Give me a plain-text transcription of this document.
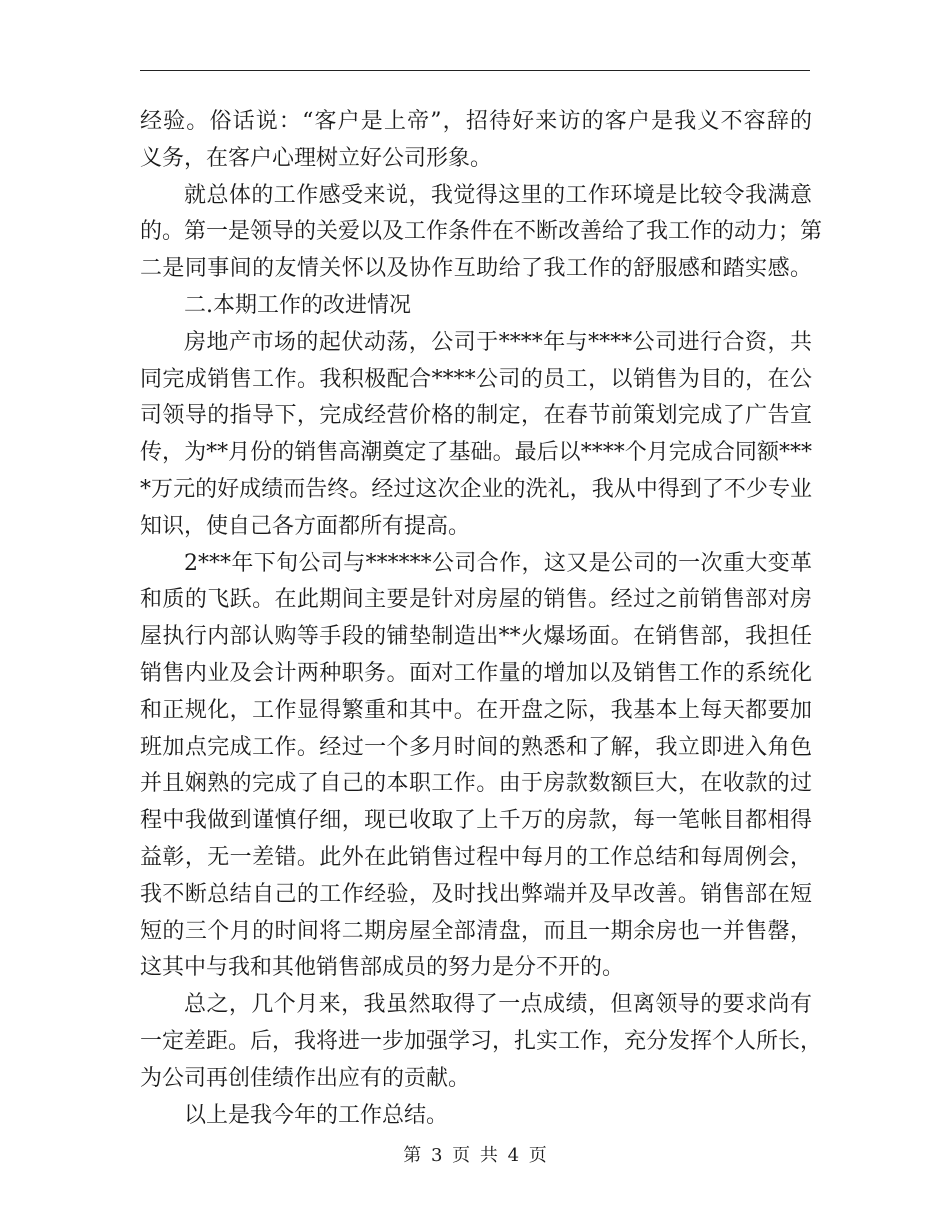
经验。俗话说：“客户是上帝”，招待好来访的客户是我义不容辞的
义务，在客户心理树立好公司形象。
就总体的工作感受来说，我觉得这里的工作环境是比较令我满意
的。第一是领导的关爱以及工作条件在不断改善给了我工作的动力；第
二是同事间的友情关怀以及协作互助给了我工作的舒服感和踏实感。
二.本期工作的改进情况
房地产市场的起伏动荡，公司于****年与****公司进行合资，共
同完成销售工作。我积极配合****公司的员工，以销售为目的，在公
司领导的指导下，完成经营价格的制定，在春节前策划完成了广告宣
传，为**月份的销售高潮奠定了基础。最后以****个月完成合同额***
*万元的好成绩而告终。经过这次企业的洗礼，我从中得到了不少专业
知识，使自己各方面都所有提高。
2***年下旬公司与******公司合作，这又是公司的一次重大变革
和质的飞跃。在此期间主要是针对房屋的销售。经过之前销售部对房
屋执行内部认购等手段的铺垫制造出**火爆场面。在销售部，我担任
销售内业及会计两种职务。面对工作量的增加以及销售工作的系统化
和正规化，工作显得繁重和其中。在开盘之际，我基本上每天都要加
班加点完成工作。经过一个多月时间的熟悉和了解，我立即进入角色
并且娴熟的完成了自己的本职工作。由于房款数额巨大，在收款的过
程中我做到谨慎仔细，现已收取了上千万的房款，每一笔帐目都相得
益彰，无一差错。此外在此销售过程中每月的工作总结和每周例会，
我不断总结自己的工作经验，及时找出弊端并及早改善。销售部在短
短的三个月的时间将二期房屋全部清盘，而且一期余房也一并售罄，
这其中与我和其他销售部成员的努力是分不开的。
总之，几个月来，我虽然取得了一点成绩，但离领导的要求尚有
一定差距。后，我将进一步加强学习，扎实工作，充分发挥个人所长，
为公司再创佳绩作出应有的贡献。
以上是我今年的工作总结。
第 3 页 共 4 页
